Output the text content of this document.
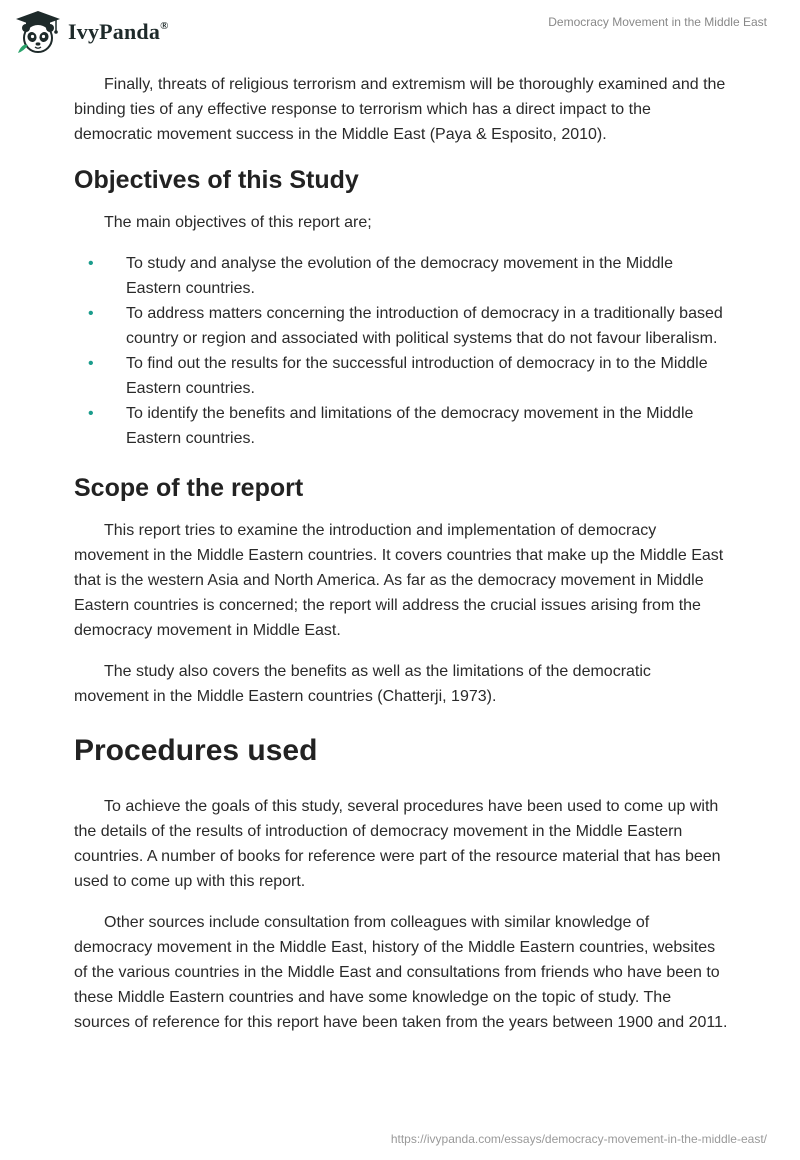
IvyPanda®	Democracy Movement in the Middle East

Finally, threats of religious terrorism and extremism will be thoroughly examined and the binding ties of any effective response to terrorism which has a direct impact to the democratic movement success in the Middle East (Paya & Esposito, 2010).

Objectives of this Study

The main objectives of this report are;

• To study and analyse the evolution of the democracy movement in the Middle Eastern countries.
• To address matters concerning the introduction of democracy in a traditionally based country or region and associated with political systems that do not favour liberalism.
• To find out the results for the successful introduction of democracy in to the Middle Eastern countries.
• To identify the benefits and limitations of the democracy movement in the Middle Eastern countries.
Scope of the report

This report tries to examine the introduction and implementation of democracy movement in the Middle Eastern countries. It covers countries that make up the Middle East that is the western Asia and North America. As far as the democracy movement in Middle Eastern countries is concerned; the report will address the crucial issues arising from the democracy movement in Middle East.

The study also covers the benefits as well as the limitations of the democratic movement in the Middle Eastern countries (Chatterji, 1973).

Procedures used

To achieve the goals of this study, several procedures have been used to come up with the details of the results of introduction of democracy movement in the Middle Eastern countries. A number of books for reference were part of the resource material that has been used to come up with this report.

Other sources include consultation from colleagues with similar knowledge of democracy movement in the Middle East, history of the Middle Eastern countries, websites of the various countries in the Middle East and consultations from friends who have been to these Middle Eastern countries and have some knowledge on the topic of study. The sources of reference for this report have been taken from the years between 1900 and 2011.

https://ivypanda.com/essays/democracy-movement-in-the-middle-east/
